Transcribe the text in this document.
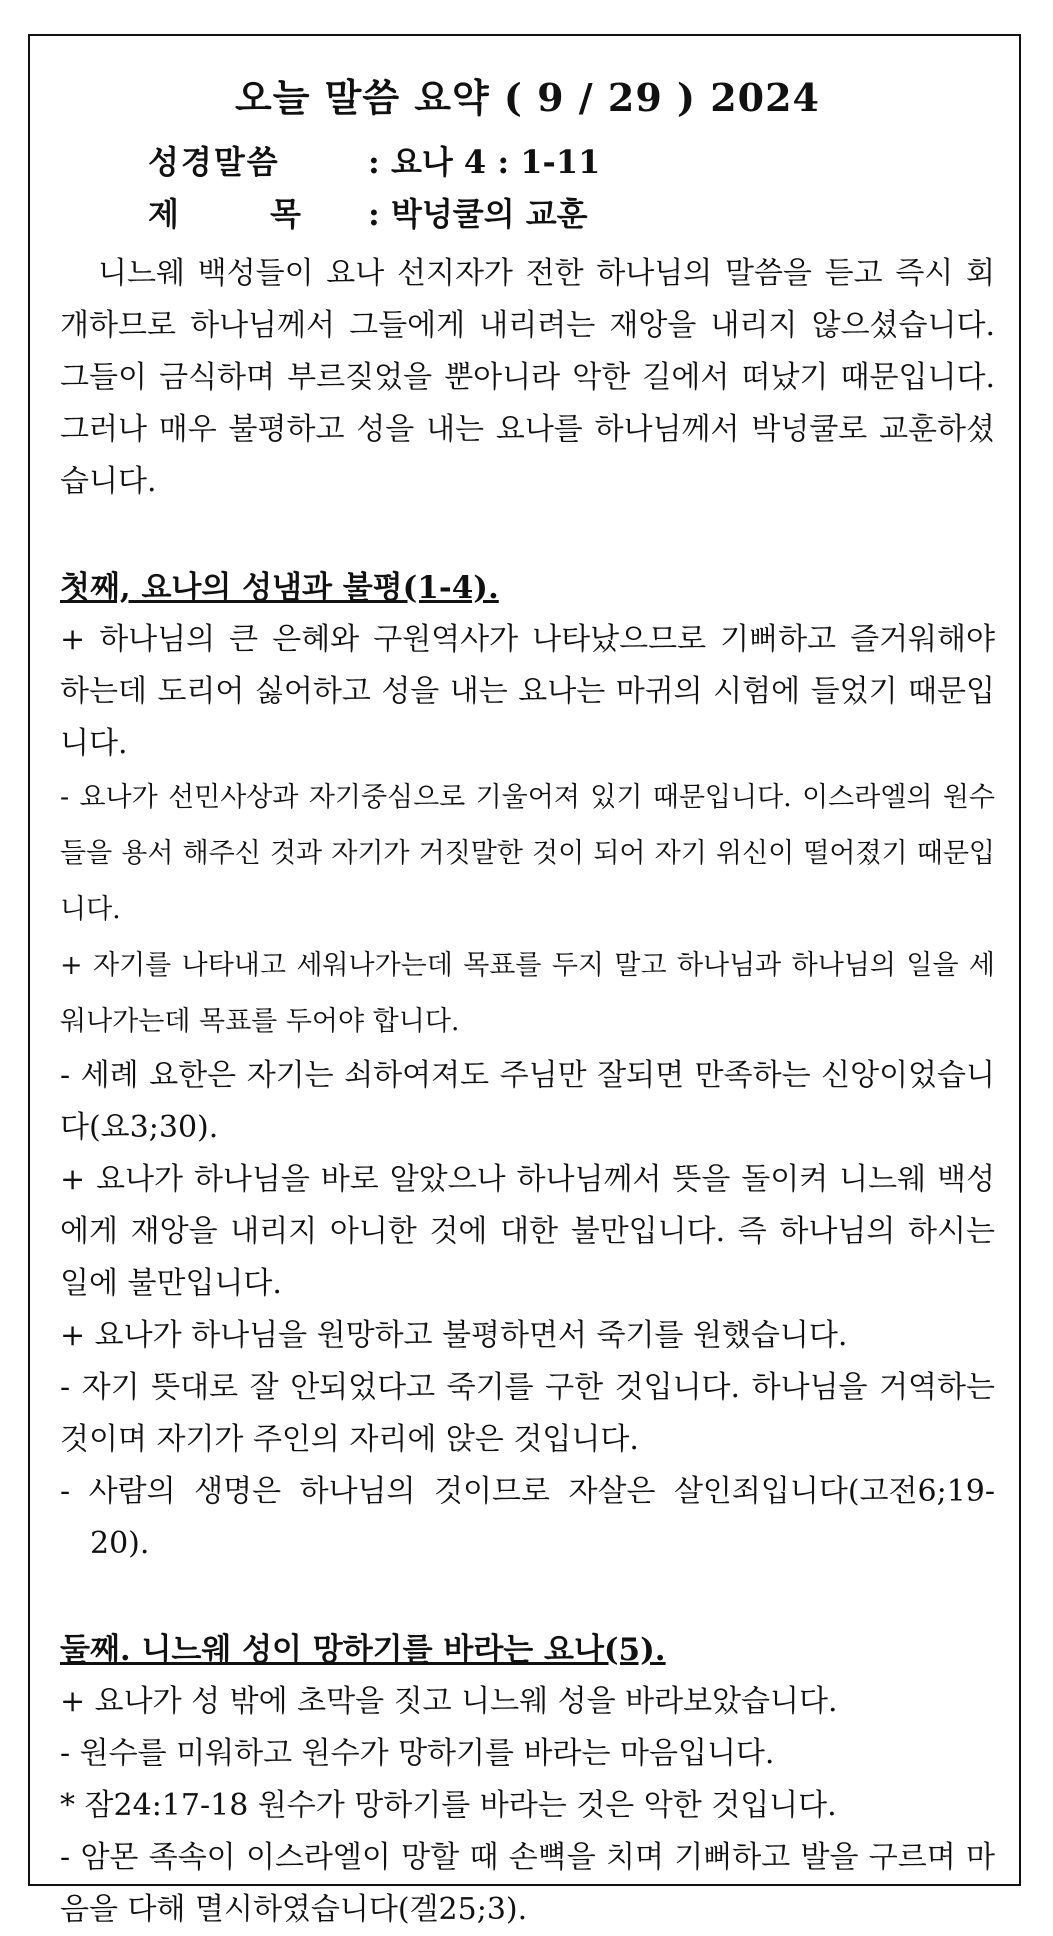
오늘 말씀 요약 ( 9 / 29 ) 2024
성경말씀	: 요나 4 : 1-11
제 목 : 박넝쿨의 교훈

니느웨 백성들이 요나 선지자가 전한 하나님의 말씀을 듣고 즉시 회개하므로 하나님께서 그들에게 내리려는 재앙을 내리지 않으셨습니다. 그들이 금식하며 부르짖었을 뿐아니라 악한 길에서 떠났기 때문입니다. 그러나 매우 불평하고 성을 내는 요나를 하나님께서 박넝쿨로 교훈하셨습니다.

첫째, 요나의 성냄과 불평(1-4).
+ 하나님의 큰 은혜와 구원역사가 나타났으므로 기뻐하고 즐거워해야 하는데 도리어 싫어하고 성을 내는 요나는 마귀의 시험에 들었기 때문입니다.
- 요나가 선민사상과 자기중심으로 기울어져 있기 때문입니다. 이스라엘의 원수들을 용서 해주신 것과 자기가 거짓말한 것이 되어 자기 위신이 떨어졌기 때문입니다.
+ 자기를 나타내고 세워나가는데 목표를 두지 말고 하나님과 하나님의 일을 세워나가는데 목표를 두어야 합니다.
- 세례 요한은 자기는 쇠하여져도 주님만 잘되면 만족하는 신앙이었습니다(요3;30).
+ 요나가 하나님을 바로 알았으나 하나님께서 뜻을 돌이켜 니느웨 백성에게 재앙을 내리지 아니한 것에 대한 불만입니다. 즉 하나님의 하시는 일에 불만입니다.
+ 요나가 하나님을 원망하고 불평하면서 죽기를 원했습니다.
- 자기 뜻대로 잘 안되었다고 죽기를 구한 것입니다. 하나님을 거역하는 것이며 자기가 주인의 자리에 앉은 것입니다.
- 사람의 생명은 하나님의 것이므로 자살은 살인죄입니다(고전6;19-20).
둘째. 니느웨 성이 망하기를 바라는 요나(5).
+ 요나가 성 밖에 초막을 짓고 니느웨 성을 바라보았습니다.
- 원수를 미워하고 원수가 망하기를 바라는 마음입니다.
* 잠24:17-18 원수가 망하기를 바라는 것은 악한 것입니다.
- 암몬 족속이 이스라엘이 망할 때 손뼉을 치며 기뻐하고 발을 구르며 마음을 다해 멸시하였습니다(겔25;3).
